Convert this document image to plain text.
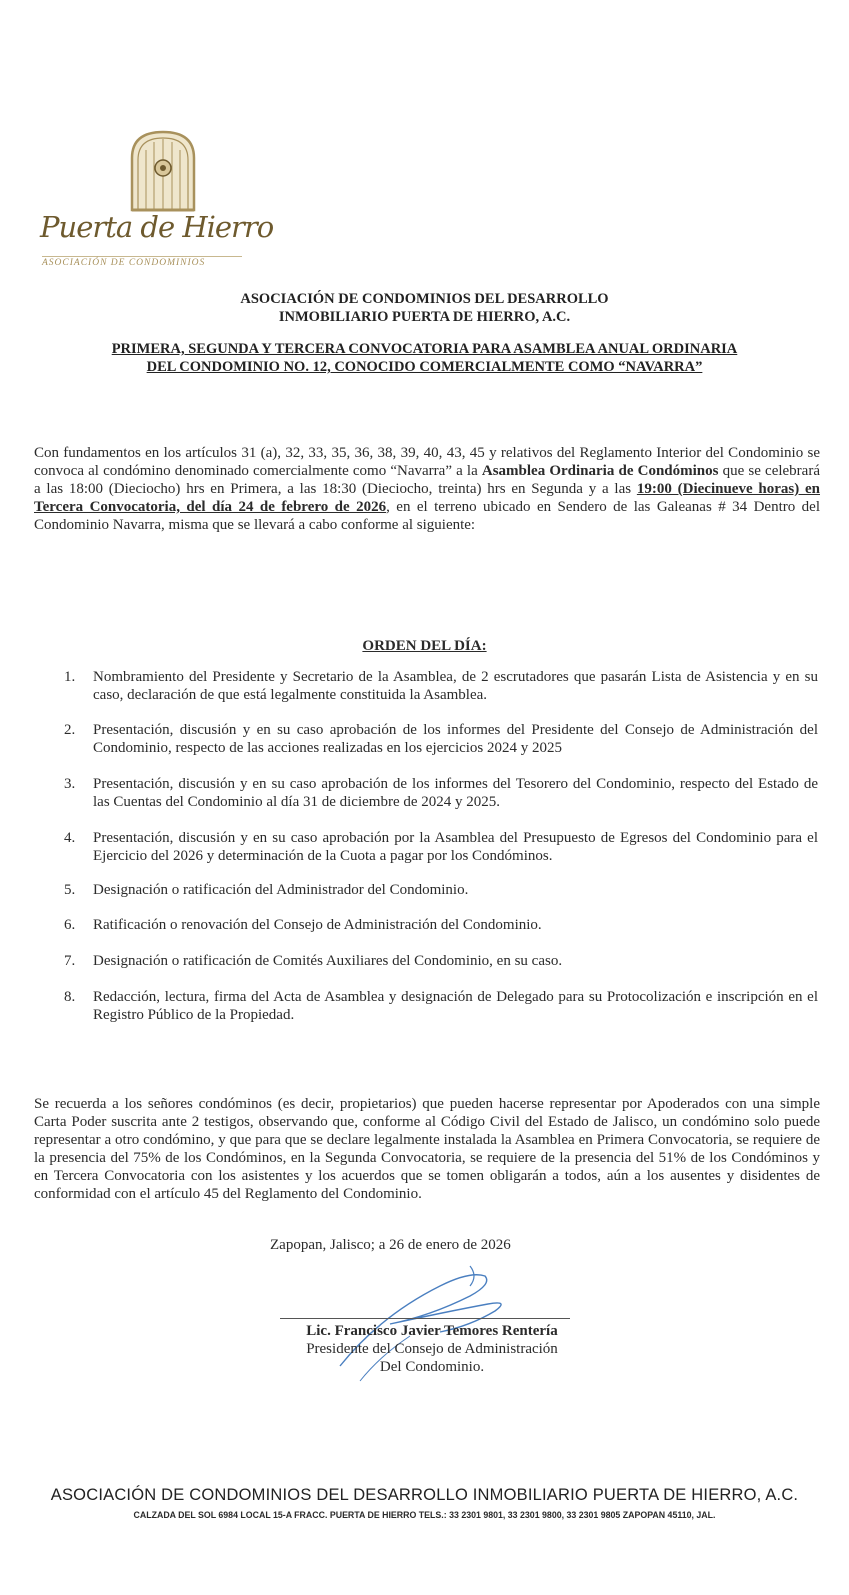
Puerta de Hierro
ASOCIACIÓN DE CONDOMINIOS
ASOCIACIÓN DE CONDOMINIOS DEL DESARROLLO
INMOBILIARIO PUERTA DE HIERRO, A.C.
PRIMERA, SEGUNDA Y TERCERA CONVOCATORIA PARA ASAMBLEA ANUAL ORDINARIA
DEL CONDOMINIO NO. 12, CONOCIDO COMERCIALMENTE COMO “NAVARRA”
Con fundamentos en los artículos 31 (a), 32, 33, 35, 36, 38, 39, 40, 43, 45 y relativos del Reglamento Interior del Condominio se convoca al condómino denominado comercialmente como “Navarra” a la Asamblea Ordinaria de Condóminos que se celebrará a las 18:00 (Dieciocho) hrs en Primera, a las 18:30 (Dieciocho, treinta) hrs en Segunda y a las 19:00 (Diecinueve horas) en Tercera Convocatoria, del día 24 de febrero de 2026, en el terreno ubicado en Sendero de las Galeanas # 34 Dentro del Condominio Navarra, misma que se llevará a cabo conforme al siguiente:
ORDEN DEL DÍA:
1.	Nombramiento del Presidente y Secretario de la Asamblea, de 2 escrutadores que pasarán Lista de Asistencia y en su caso, declaración de que está legalmente constituida la Asamblea.
2.	Presentación, discusión y en su caso aprobación de los informes del Presidente del Consejo de Administración del Condominio, respecto de las acciones realizadas en los ejercicios 2024 y 2025
3.	Presentación, discusión y en su caso aprobación de los informes del Tesorero del Condominio, respecto del Estado de las Cuentas del Condominio al día 31 de diciembre de 2024 y 2025.
4.	Presentación, discusión y en su caso aprobación por la Asamblea del Presupuesto de Egresos del Condominio para el Ejercicio del 2026 y determinación de la Cuota a pagar por los Condóminos.
5.	Designación o ratificación del Administrador del Condominio.
6.	Ratificación o renovación del Consejo de Administración del Condominio.
7.	Designación o ratificación de Comités Auxiliares del Condominio, en su caso.
8.	Redacción, lectura, firma del Acta de Asamblea y designación de Delegado para su Protocolización e inscripción en el Registro Público de la Propiedad.
Se recuerda a los señores condóminos (es decir, propietarios) que pueden hacerse representar por Apoderados con una simple Carta Poder suscrita ante 2 testigos, observando que, conforme al Código Civil del Estado de Jalisco, un condómino solo puede representar a otro condómino, y que para que se declare legalmente instalada la Asamblea en Primera Convocatoria, se requiere de la presencia del 75% de los Condóminos, en la Segunda Convocatoria, se requiere de la presencia del 51% de los Condóminos y en Tercera Convocatoria con los asistentes y los acuerdos que se tomen obligarán a todos, aún a los ausentes y disidentes de conformidad con el artículo 45 del Reglamento del Condominio.
Zapopan, Jalisco; a 26 de enero de 2026
Lic. Francisco Javier Temores Rentería
Presidente del Consejo de Administración
Del Condominio.
ASOCIACIÓN DE CONDOMINIOS DEL DESARROLLO INMOBILIARIO PUERTA DE HIERRO, A.C.
CALZADA DEL SOL 6984 LOCAL 15-A FRACC. PUERTA DE HIERRO TELS.: 33 2301 9801, 33 2301 9800, 33 2301 9805 ZAPOPAN 45110, JAL.
